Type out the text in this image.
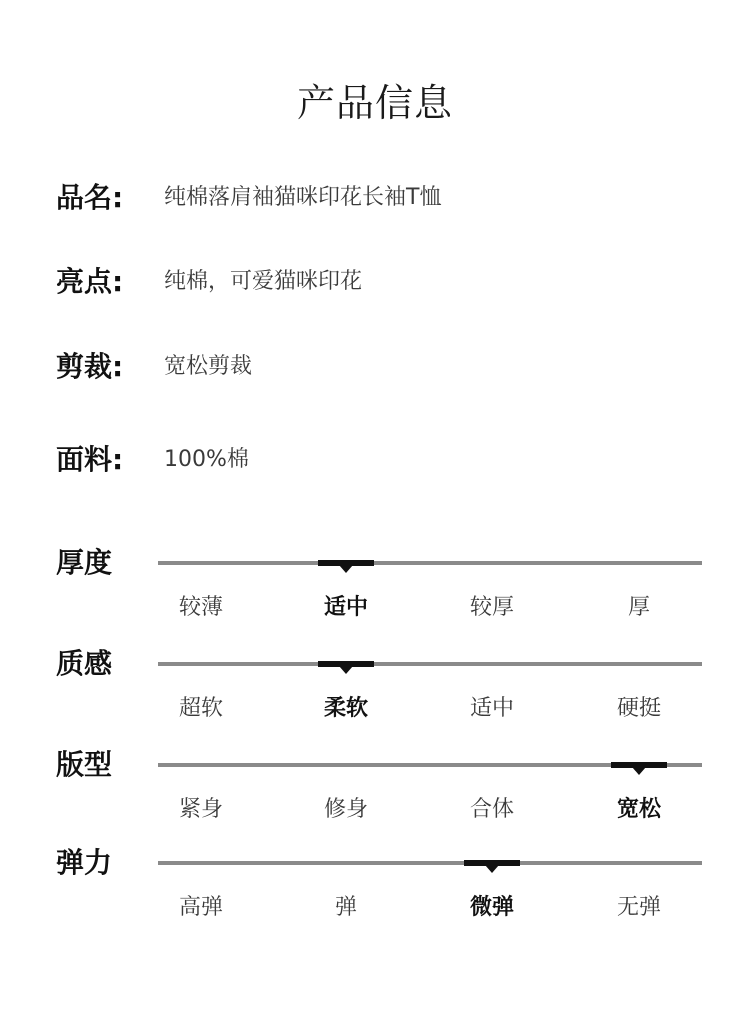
产品信息
品名: 纯棉落肩袖猫咪印花长袖T恤
亮点: 纯棉，可爱猫咪印花
剪裁: 宽松剪裁
面料: 100%棉
厚度
较薄	适中	较厚	厚
质感
超软	柔软	适中	硬挺
版型
紧身	修身	合体	宽松
弹力
高弹	弹	微弹	无弹
